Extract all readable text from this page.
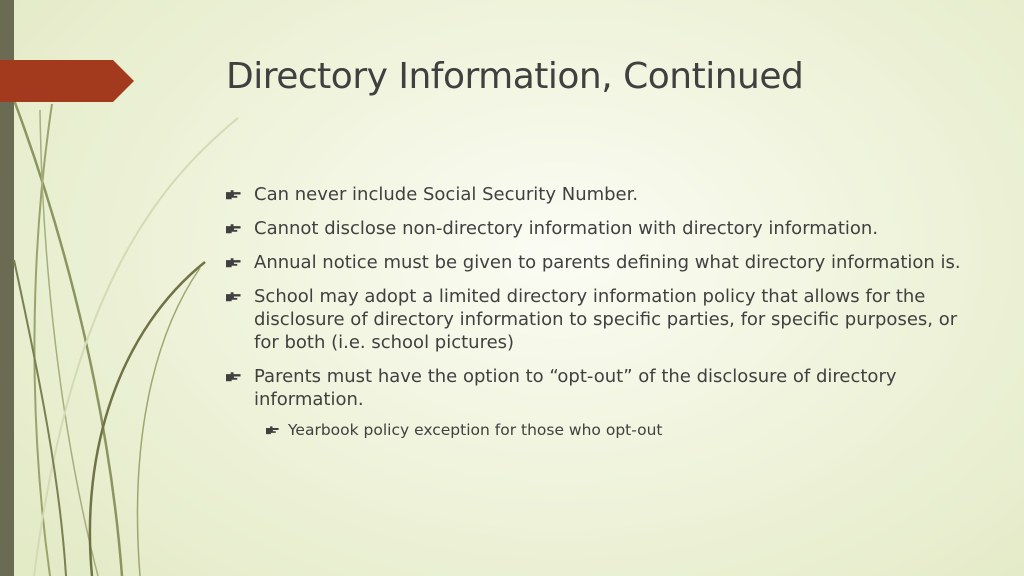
Directory Information, Continued
Can never include Social Security Number.
Cannot disclose non-directory information with directory information.
Annual notice must be given to parents defining what directory information is.
School may adopt a limited directory information policy that allows for the disclosure of directory information to specific parties, for specific purposes, or for both (i.e. school pictures)
Parents must have the option to “opt-out” of the disclosure of directory information.
Yearbook policy exception for those who opt-out
